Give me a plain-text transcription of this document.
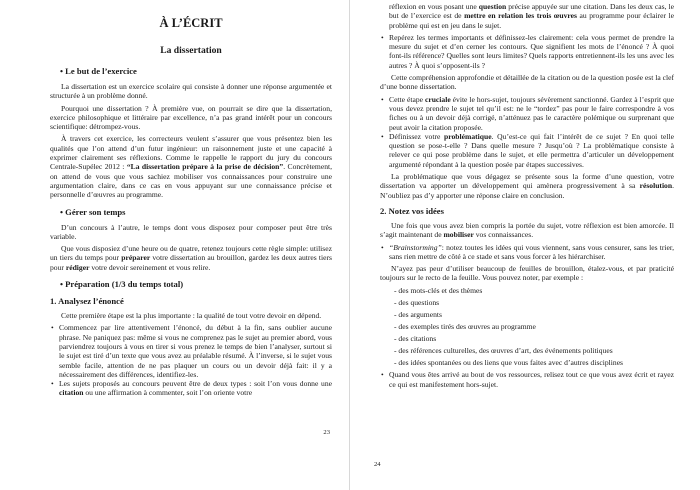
À L’ÉCRIT
La dissertation
• Le but de l’exercice

La dissertation est un exercice scolaire qui consiste à donner une réponse argumentée et structurée à un problème donné.

Pourquoi une dissertation ? À première vue, on pourrait se dire que la dissertation, exercice philosophique et littéraire par excellence, n’a pas grand intérêt pour un concours scientifique: détrompez-vous.

À travers cet exercice, les correcteurs veulent s’assurer que vous présentez bien les qualités que l’on attend d’un futur ingénieur: un raisonnement juste et une capacité à exprimer clairement ses réflexions. Comme le rappelle le rapport du jury du concours Centrale-Supélec 2012 : “La dissertation prépare à la prise de décision”. Concrètement, on attend de vous que vous sachiez mobiliser vos connaissances pour construire une argumentation claire, dans ce cas en vous appuyant sur une connaissance précise et personnelle d’œuvres au programme.

• Gérer son temps

D’un concours à l’autre, le temps dont vous disposez pour composer peut être très variable.

Que vous disposiez d’une heure ou de quatre, retenez toujours cette règle simple: utilisez un tiers du temps pour préparer votre dissertation au brouillon, gardez les deux autres tiers pour rédiger votre devoir sereinement et vous relire.

• Préparation (1/3 du temps total)
1. Analysez l’énoncé

Cette première étape est la plus importante : la qualité de tout votre devoir en dépend.

• Commencez par lire attentivement l’énoncé, du début à la fin, sans oublier aucune phrase. Ne paniquez pas: même si vous ne comprenez pas le sujet au premier abord, vous parviendrez toujours à vous en tirer si vous prenez le temps de bien l’analyser, surtout si le sujet est tiré d’un texte que vous avez au préalable résumé. À l’inverse, si le sujet vous semble facile, attention de ne pas plaquer un cours ou un devoir déjà fait: il y a nécessairement des différences, identifiez-les.
• Les sujets proposés au concours peuvent être de deux types : soit l’on vous donne une citation ou une affirmation à commenter, soit l’on oriente votre
23

réflexion en vous posant une question précise appuyée sur une citation. Dans les deux cas, le but de l’exercice est de mettre en relation les trois œuvres au programme pour éclairer le problème qui est en jeu dans le sujet.

• Repérez les termes importants et définissez-les clairement: cela vous permet de prendre la mesure du sujet et d’en cerner les contours. Que signifient les mots de l’énoncé ? À quoi font-ils référence? Quelles sont leurs limites? Quels rapports entretiennent-ils les uns avec les autres ? À quoi s’opposent-ils ?

Cette compréhension approfondie et détaillée de la citation ou de la question posée est la clef d’une bonne dissertation.

• Cette étape cruciale évite le hors-sujet, toujours sévèrement sanctionné. Gardez à l’esprit que vous devez prendre le sujet tel qu’il est: ne le “tordez” pas pour le faire correspondre à vos fiches ou à un devoir déjà corrigé, n’atténuez pas le caractère polémique ou surprenant que peut avoir la citation proposée.
• Définissez votre problématique. Qu’est-ce qui fait l’intérêt de ce sujet ? En quoi telle question se pose-t-elle ? Dans quelle mesure ? Jusqu’où ? La problématique consiste à relever ce qui pose problème dans le sujet, et elle permettra d’articuler un développement argumenté répondant à la question posée par étapes successives.

La problématique que vous dégagez se présente sous la forme d’une question, votre dissertation va apporter un développement qui amènera progressivement à sa résolution. N’oubliez pas d’y apporter une réponse claire en conclusion.

2. Notez vos idées

Une fois que vous avez bien compris la portée du sujet, votre réflexion est bien amorcée. Il s’agit maintenant de mobiliser vos connaissances.

• “Brainstorming”: notez toutes les idées qui vous viennent, sans vous censurer, sans les trier, sans rien mettre de côté à ce stade et sans vous forcer à les hiérarchiser.

N’ayez pas peur d’utiliser beaucoup de feuilles de brouillon, étalez-vous, et par praticité toujours sur le recto de la feuille. Vous pouvez noter, par exemple :

- des mots-clés et des thèmes
- des questions
- des arguments
- des exemples tirés des œuvres au programme
- des citations
- des références culturelles, des œuvres d’art, des événements politiques
- des idées spontanées ou des liens que vous faites avec d’autres disciplines
• Quand vous êtes arrivé au bout de vos ressources, relisez tout ce que vous avez écrit et rayez ce qui est manifestement hors-sujet.
24
